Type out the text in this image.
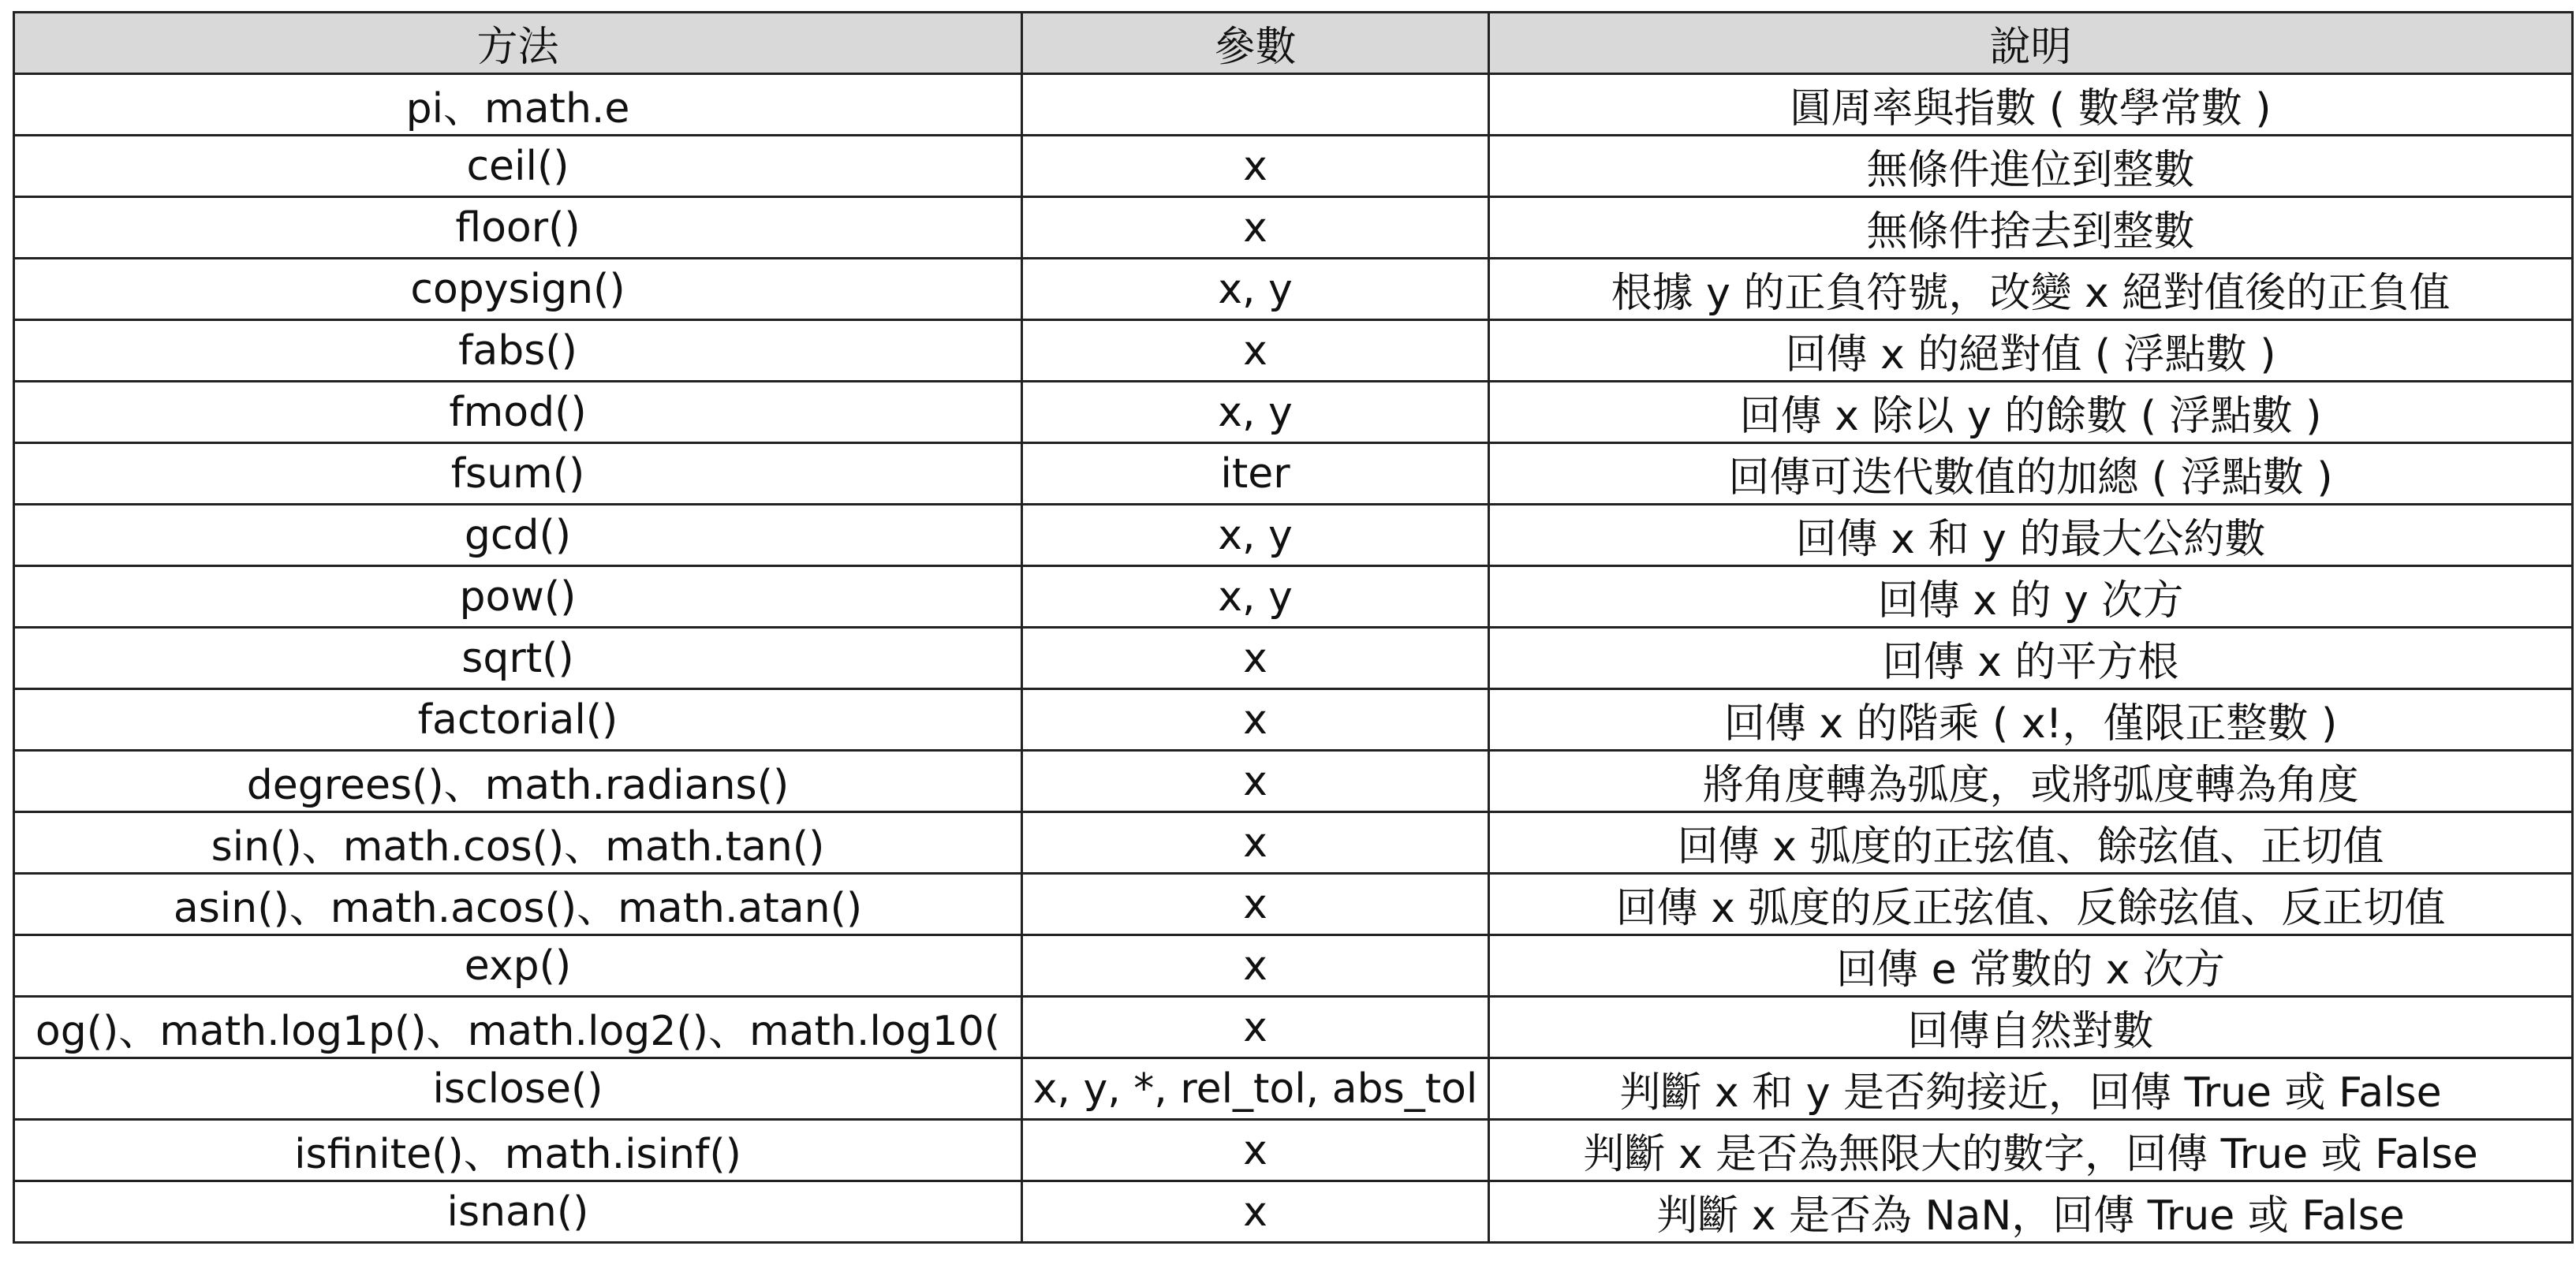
方法	參數	說明

pi、math.e		圓周率與指數 ( 數學常數 )

ceil()	x	無條件進位到整數

floor()	x	無條件捨去到整數

copysign()	x, y	根據 y 的正負符號，改變 x 絕對值後的正負值

fabs()	x	回傳 x 的絕對值 ( 浮點數 )

fmod()	x, y	回傳 x 除以 y 的餘數 ( 浮點數 )

fsum()	iter	回傳可迭代數值的加總 ( 浮點數 )

gcd()	x, y	回傳 x 和 y 的最大公約數

pow()	x, y	回傳 x 的 y 次方

sqrt()	x	回傳 x 的平方根

factorial()	x	回傳 x 的階乘 ( x!，僅限正整數 )

degrees()、math.radians()	x	將角度轉為弧度，或將弧度轉為角度

sin()、math.cos()、math.tan()	x	回傳 x 弧度的正弦值、餘弦值、正切值

asin()、math.acos()、math.atan()	x	回傳 x 弧度的反正弦值、反餘弦值、反正切值

exp()	x	回傳 e 常數的 x 次方

og()、math.log1p()、math.log2()、math.log10(	x	回傳自然對數

isclose()	x, y, *, rel_tol, abs_tol	判斷 x 和 y 是否夠接近，回傳 True 或 False

isfinite()、math.isinf()	x	判斷 x 是否為無限大的數字，回傳 True 或 False

isnan()	x	判斷 x 是否為 NaN，回傳 True 或 False
